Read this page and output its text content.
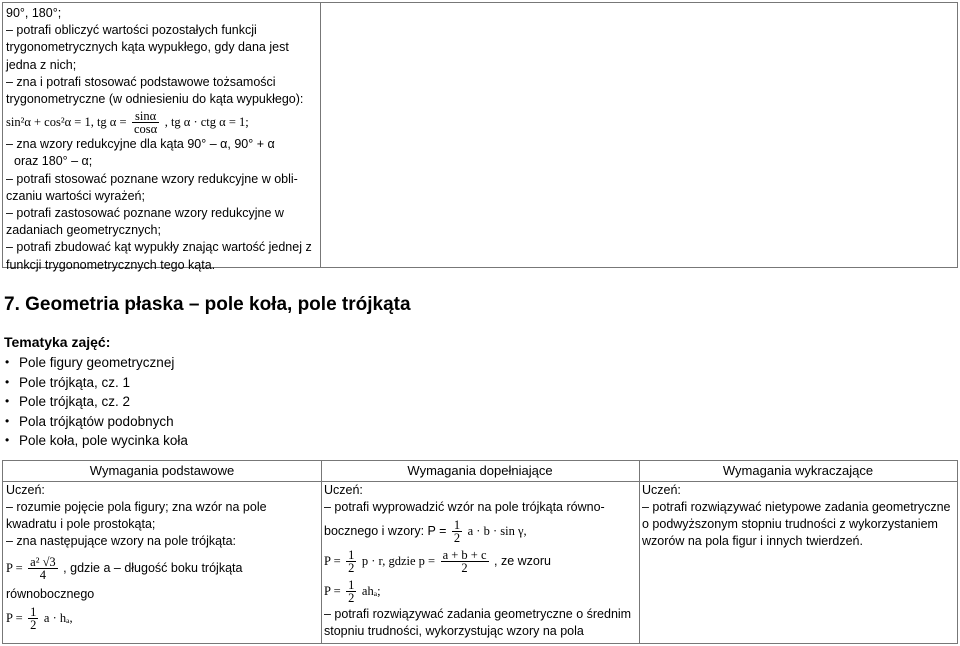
90°, 180°;
– potrafi obliczyć wartości pozostałych funkcji
trygonometrycznych kąta wypukłego, gdy dana jest
jedna z nich;
– zna i potrafi stosować podstawowe tożsamości
trygonometryczne (w odniesieniu do kąta wypukłego):
sin²α + cos²α = 1, tg $\alpha = \frac{\sin\alpha}{\cos\alpha}$ , tg α · ctg α = 1;
– zna wzory redukcyjne dla kąta 90° – α, 90° + α
oraz 180° – α;
– potrafi stosować poznane wzory redukcyjne w obli-
czaniu wartości wyrażeń;
– potrafi zastosować poznane wzory redukcyjne w
zadaniach geometrycznych;
– potrafi zbudować kąt wypukły znając wartość jednej z
funkcji trygonometrycznych tego kąta.
7. Geometria płaska – pole koła, pole trójkąta
Tematyka zajęć:
• Pole figury geometrycznej
• Pole trójkąta, cz. 1
• Pole trójkąta, cz. 2
• Pola trójkątów podobnych
• Pole koła, pole wycinka koła
Wymagania podstawowe	Wymagania dopełniające	Wymagania wykraczające
Uczeń:
– rozumie pojęcie pola figury; zna wzór na pole
kwadratu i pole prostokąta;
– zna następujące wzory na pole trójkąta:
$P = \frac{\text{a² √3}}{4}$ , gdzie a – długość boku trójkąta
równobocznego
$P = \frac{1}{2}$ a · hₐ,
Uczeń:
– potrafi wyprowadzić wzór na pole trójkąta równo-
bocznego i wzory: $P = \frac{1}{2}$ a · b · sin γ,
$P = \frac{1}{2}$ p · r, gdzie $p = \frac{a + b + c}{2}$ , ze wzoru
$P = \frac{1}{2} ah_a$;
– potrafi rozwiązywać zadania geometryczne o średnim
stopniu trudności, wykorzystując wzory na pola
Uczeń:
– potrafi rozwiązywać nietypowe zadania geometryczne
o podwyższonym stopniu trudności z wykorzystaniem
wzorów na pola figur i innych twierdzeń.
